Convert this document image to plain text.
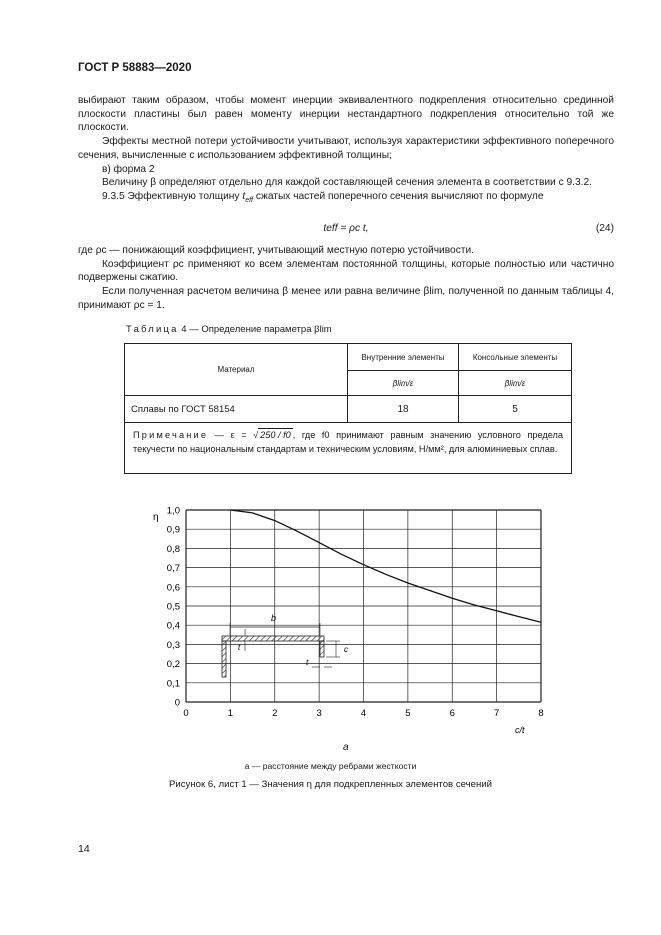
ГОСТ Р 58883—2020

выбирают таким образом, чтобы момент инерции эквивалентного подкрепления относительно срединной плоскости пластины был равен моменту инерции нестандартного подкрепления относительно той же плоскости.

Эффекты местной потери устойчивости учитывают, используя характеристики эффективного поперечного сечения, вычисленные с использованием эффективной толщины;

в) форма 2

Величину β определяют отдельно для каждой составляющей сечения элемента в соответствии с 9.3.2.

9.3.5 Эффективную толщину $t_{eff}$ сжатых частей поперечного сечения вычисляют по формуле

teff = ρc t,	(24)

где ρc — понижающий коэффициент, учитывающий местную потерю устойчивости.

Коэффициент ρc применяют ко всем элементам постоянной толщины, которые полностью или частично подвержены сжатию.

Если полученная расчетом величина β менее или равна величине βlim, полученной по данным таблицы 4, принимают ρc = 1.

Таблица 4 — Определение параметра βlim
Материал	Внутренние элементы	Консольные элементы
	βlim/ε	βlim/ε
Сплавы по ГОСТ 58154	18	5
Примечание — ε = √ 250 / f0 , где f0 принимают равным значению условного предела текучести по национальным стандартам и техническим условиям, Н/мм², для алюминиевых сплав.
0	1	2	3	4	5	6	7	8
0
0,1
0,2
0,3
0,4
0,5
0,6
0,7
0,8
0,9
1,0
b
t
t
c
η
c/t
а
а — расстояние между ребрами жесткости
Рисунок 6, лист 1 — Значения η для подкрепленных элементов сечений
14
